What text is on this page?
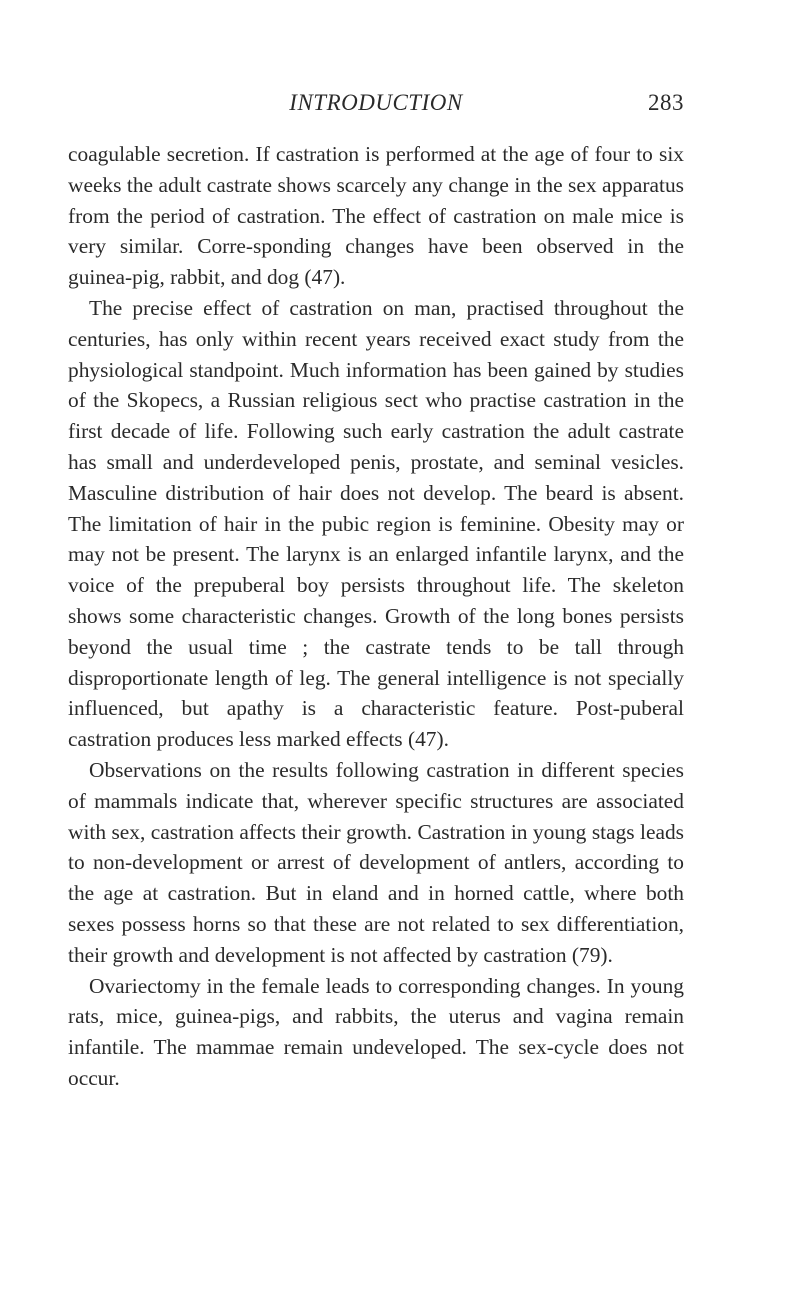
INTRODUCTION	283

coagulable secretion. If castration is performed at the age of four to six weeks the adult castrate shows scarcely any change in the sex apparatus from the period of castration. The effect of castration on male mice is very similar. Corre-sponding changes have been observed in the guinea-pig, rabbit, and dog (47).

The precise effect of castration on man, practised throughout the centuries, has only within recent years received exact study from the physiological standpoint. Much information has been gained by studies of the Skopecs, a Russian religious sect who practise castration in the first decade of life. Following such early castration the adult castrate has small and underdeveloped penis, prostate, and seminal vesicles. Masculine distribution of hair does not develop. The beard is absent. The limitation of hair in the pubic region is feminine. Obesity may or may not be present. The larynx is an enlarged infantile larynx, and the voice of the prepuberal boy persists throughout life. The skeleton shows some characteristic changes. Growth of the long bones persists beyond the usual time ; the castrate tends to be tall through disproportionate length of leg. The general intelligence is not specially influenced, but apathy is a characteristic feature. Post-puberal castration produces less marked effects (47).

Observations on the results following castration in different species of mammals indicate that, wherever specific structures are associated with sex, castration affects their growth. Castration in young stags leads to non-development or arrest of development of antlers, according to the age at castration. But in eland and in horned cattle, where both sexes possess horns so that these are not related to sex differentiation, their growth and development is not affected by castration (79).

Ovariectomy in the female leads to corresponding changes. In young rats, mice, guinea-pigs, and rabbits, the uterus and vagina remain infantile. The mammae remain undeveloped. The sex-cycle does not occur.
